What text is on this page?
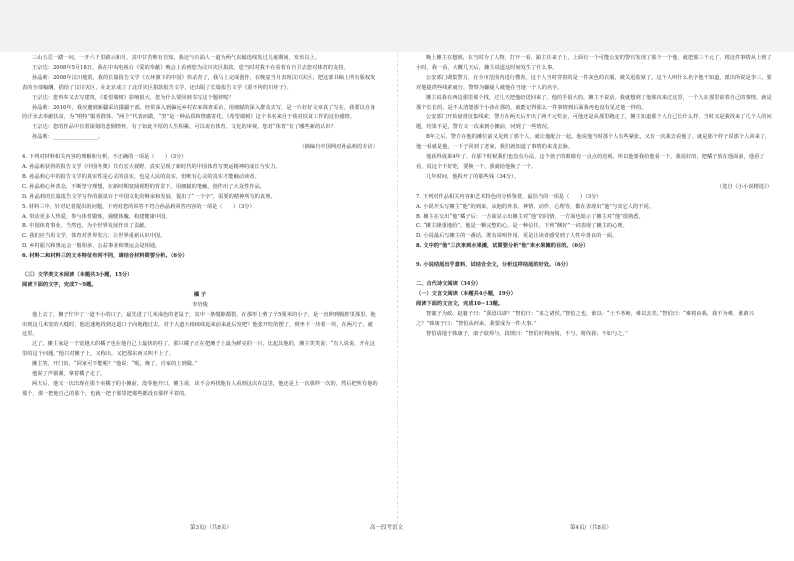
三山五岳一踏一问，一开六千里路云和月，其中甘苦唯有自知。我还与石油人一道为两气东输选线发过儿童期间，发布以上。

王宗达：2008年5月18日，我在中央电视台《爱的奉献》晚会上看到您为汶川灾区捐款，您当时对我不在看着有自卫去您对体育的支持。

孙晶莉：2008年汶川地震，我的长篇报告文学《五环旗下的中国》快杀青了，我马上完成创作，在晚宴当月表现汶川灾区，把这部书稿上所有版权发表的全部稿酬，捐给了汶川灾区，在北京成立了北洋灾区捐款报告文学，还出版了长篇报告文学《震不垮的川娃子》。

王宗达：您再奉又去写建筑，《希望墙树》影响很大，您为什么要回到书写这个题材呢？

孙晶莉：2016年，我应邀到新疆采访援疆干部，经常深入到偏远乡村农家调查采访，用细腻的深入群众去写，是一片好好文章真了写在，我要以自身的汗水去奉献扶贫，为“明特”服务群体，“两个”代表而做，“坚”是一种品质和情感寄托，《希望墙树》这个书名来自于我对扶贫工作的这份感情。

王宗达：您的作品中有着深刻的悲悯情怀，有了如此丰厚的人生积累，可以说有体育、文化的审视，您对“体育”有了哪些新的认识？

孙晶莉：_________________。

（摘编自中国网对孙晶莉的专访）

4. 下列对材料相关内容的理解和分析，不正确的一项是（　　）（3分）

A. 孙晶莉获得的报告文学《中国冬奥》共有宏大视野，真实呈现了新时代的中国体育写奥运精神的成长与实力。

B. 孙晶莉心中的报告文学的真实性是心灵的真实，也是人民的真实，但唯有心灵的真实才能触动读者。

C. 孙晶莉心怀善念，不断坚守理想，在新时期宽阔视野的背景下，用细腻的笔触，创作出了大众性作品。

D. 孙晶莉的长篇报告文学写作的源泉在于中国文化的继承和发展，提出了“一个字”，需要的精神所写的真理。

5. 材料三中，针对记者提出的问题，下列对您的回答不符合孙晶莉回答内容的一项是（　　）（3分）

A. 带动更多人热爱，参与体育锻炼，强健体魄，构建健康中国。

B. 中国体育事业，当然也，为全世界发展作出了贡献。

C. 我们应当用文学，体育对世界发言，让世界重新认识中国。

D. 乡村振兴和奥运会一般相承，公益事业和奥运会是相通。

6. 材料二和材料三的文本特征有何不同，请结合材料简要分析。（6分）

（三）文学类文本阅读（本题共3小题，15分）

阅读下面的文字，完成7~9题。

橘 子

李培俊

他上去了，摊子忙中了一道不小的口子，最先进了几米浅色的老鼠子，其中一条缝隙都裂，在那形上剪了个5厘米的小子，是一直伸到腹腔里那里。他出现这几米宽的大缝时，他迅速地找到这道口子向地跑过去，对于大道大续续续起来前来此后发吧？他张开吃的摆了，到坐下一块着一块，在两尺子，就这里。

过了，摊主家是一个宽越大的橘子也在他自己上最快的柱了，那只橘子正在把摊子上最为鲜亮的一只，比起其他的，摊主笑笑说：“有人说说，开在这里的这个问题。”他只对摊子上，又称出，又把那东西又叫不上了。

摊主笑，开门出，“回家可不能呢？”他说：“呢，晚了，自家的上到做。”

他说了声谢谢，拿着橘子走了。

两天后，他又一次出现在那个卖橘子的小摊前，没等他开口，摊主说，该不会再找他有人看到这次在这里，他还是上一次那样一次的，然后把所有他的那个，那一把他自己的那个。也就一把子那里把那些都没有那样平着的。

晚上摊主在想到，在当时为了人物，打开一看，跟主任来子上，上面有一个可能公安的警官发现了那个一个他，就把那三千元了，将这件事情从上到了小时，我一看，大概几天后，摊主说道这时间发生了什么事。

公安部门调集警力，在全市范围内进行搜查。这个人当时穿着的是一件灰色的衣服，被关进监狱了。这个人叫什么名字他不知道，派出所说是李三，要对他提供些线索就行，警察为嫌疑人被他在当地一个人的名字。

摊主说我在西边那里那个找，过几天把他给送回来了。他的手很大的，摊主不说话。我就想到了他那次来过这里，一个人在那里说着自己的事情，就是那个长长的，是不太清楚那个小孩在那的，就能记得那么一件事情到后面我再也没有见过他一样的。

公安部门开始悬赏征集线索，警方在两天后开出了两千元奖金，可他还是从那里跑走了，摊主知道那个人自己长什么样，当时又是我找来了几个人的问题，结果不是，警方又一次来到小摊前，问到了一些情况。

B年之后，警方在他的摊位前又见到了那个人，就让他配合一起。他说他当时那个人有些紧张，又有一次我去看他了，就是那个样子说那个人回来了，他一看就是他，一下子回到了老家，我们就知道了事情的来龙去脉。

他获得成果4年了。在那个时候我们也没有办法，这个孩子的眼睛有一点点的近视，所以他要我给他看一下，我说好的，把橘子放在他面前，他看了看，说这个不好吃，要换一个，我就给他换了一个。

几年时间，他拆开了的那些钱（34分）。

（选自《小小说精选》）

7. 下列对作品相关内容和艺术特色的分析鉴赏，最恰当的一项是（　　）（3分）

A. 小说开头写摊主“他”的到来，从他的外表、神情、动作、心理等，都在表现出“他”与其它人的不同。

B. 摊主在交出“他”橘子后：一方面显示出摊主对“他”的同情，一方面也暗示了摊主对“他”很熟悉。

C. “摊主隆重地给”，他是一颗完整的心，是一种信任。下列“侧好”一词表现了摊主的心理。

D. 小说最后写摊主的一番话，既有说明作用，更是让读者感受到了人性中善良的一面。

8. 文中的“他”三次来到水果摊，试简要分析“他”来水果摊的目的。（6分）

9. 小说结尾出乎意料，试结合全文，分析这样结尾的好处。（6分）

二、古代诗文阅读（34分）

（一）文言文阅读（本题共4小题，19分）

阅读下面的文言文，完成10~13题。

智襄子为政，赵襄子曰：“我毋以辟？”智伯曰：“求之诸侯。”智伯之也，谁以：“土不务师，难以去矣。”智伯曰：“难将由我，我不为难，谁敢兴之？”韩康子曰：“智伯从何来，我要成为一件大事。”

智伯请地于韩康子，康子欲弗与。段规曰：“智伯好利而愎，不与，将伐我；不如与之。”

第3页/（共8页）	高一段考语文	第4页/（共8页）
